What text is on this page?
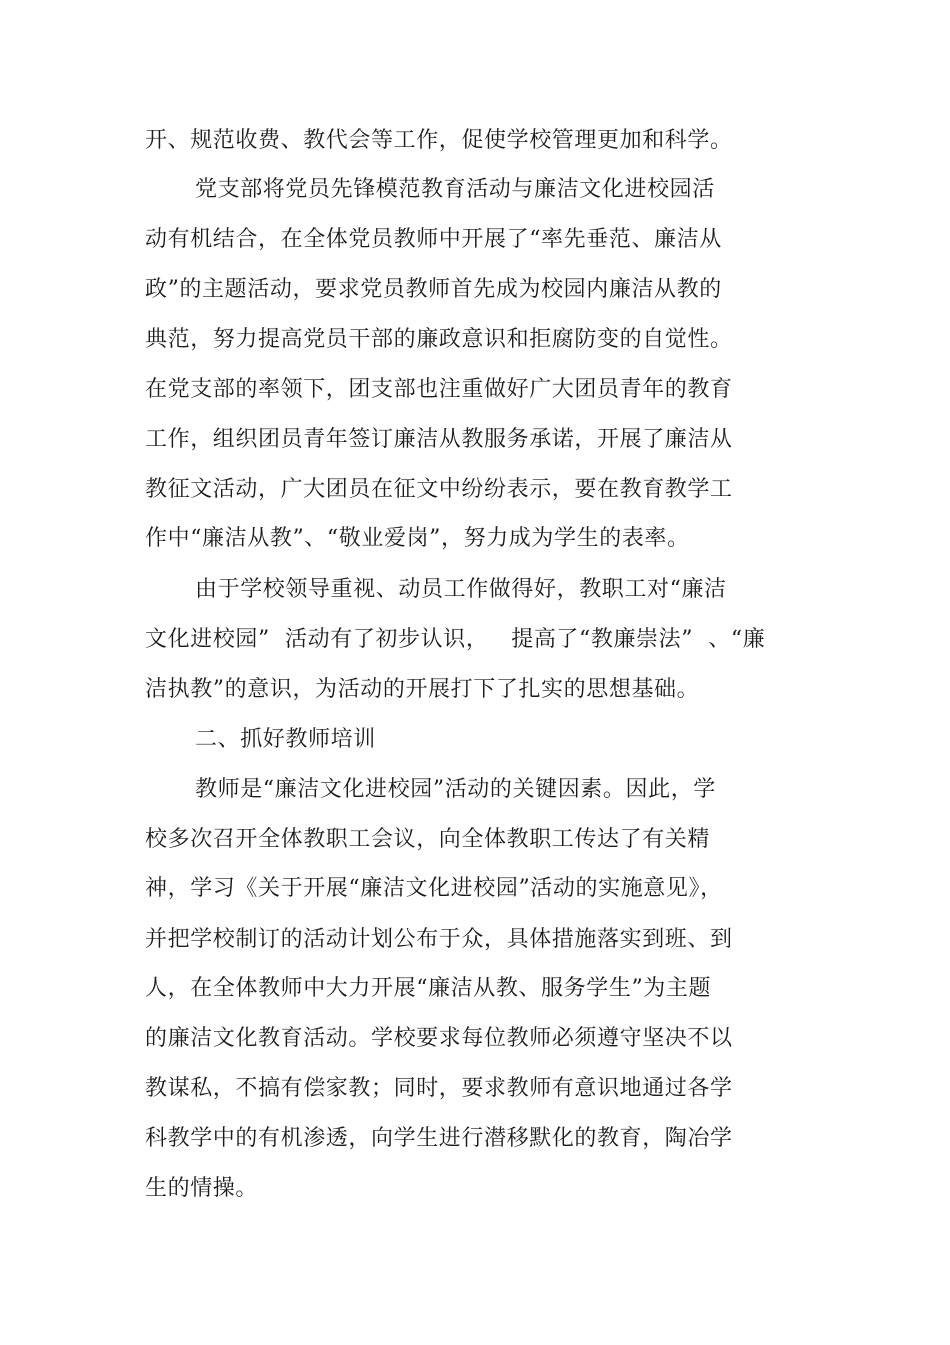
开、规范收费、教代会等工作，促使学校管理更加和科学。
党支部将党员先锋模范教育活动与廉洁文化进校园活
动有机结合，在全体党员教师中开展了“率先垂范、廉洁从
政”的主题活动，要求党员教师首先成为校园内廉洁从教的
典范，努力提高党员干部的廉政意识和拒腐防变的自觉性。
在党支部的率领下，团支部也注重做好广大团员青年的教育
工作，组织团员青年签订廉洁从教服务承诺，开展了廉洁从
教征文活动，广大团员在征文中纷纷表示，要在教育教学工
作中“廉洁从教”、“敬业爱岗”，努力成为学生的表率。
由于学校领导重视、动员工作做得好，教职工对“廉洁
文化进校园”  活动有了初步认识，   提高了“教廉崇法”  、“廉
洁执教”的意识，为活动的开展打下了扎实的思想基础。
二、抓好教师培训
教师是“廉洁文化进校园”活动的关键因素。因此，学
校多次召开全体教职工会议，向全体教职工传达了有关精
神，学习《关于开展“廉洁文化进校园”活动的实施意见》，
并把学校制订的活动计划公布于众，具体措施落实到班、到
人，在全体教师中大力开展“廉洁从教、服务学生”为主题
的廉洁文化教育活动。学校要求每位教师必须遵守坚决不以
教谋私，不搞有偿家教；同时，要求教师有意识地通过各学
科教学中的有机渗透，向学生进行潜移默化的教育，陶冶学
生的情操。
